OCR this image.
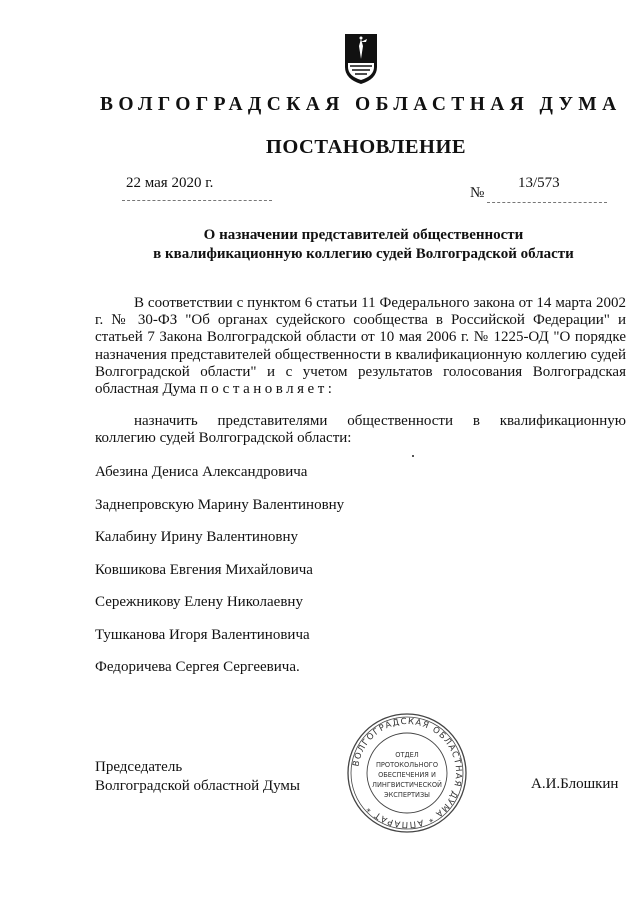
ВОЛГОГРАДСКАЯ ОБЛАСТНАЯ ДУМА
ПОСТАНОВЛЕНИЕ
22 мая 2020 г.
№
13/573
О назначении представителей общественности
в квалификационную коллегию судей Волгоградской области

В соответствии с пунктом 6 статьи 11 Федерального закона от 14 марта 2002 г. № 30-ФЗ "Об органах судейского сообщества в Российской Федерации" и статьей 7 Закона Волгоградской области от 10 мая 2006 г. № 1225-ОД "О порядке назначения представителей общественности в квалификационную коллегию судей Волгоградской области" и с учетом результатов голосования Волгоградская областная Дума постановляет:

назначить представителями общественности в квалификационную коллегию судей Волгоградской области:

Абезина Дениса Александровича
Заднепровскую Марину Валентиновну
Калабину Ирину Валентиновну
Ковшикова Евгения Михайловича
Сережникову Елену Николаевну
Тушканова Игоря Валентиновича
Федоричева Сергея Сергеевича.
Председатель
Волгоградской областной Думы	А.И.Блошкин
ВОЛГОГРАДСКАЯ ОБЛАСТНАЯ ДУМА * АППАРАТ *
ОТДЕЛ
ПРОТОКОЛЬНОГО
ОБЕСПЕЧЕНИЯ И
ЛИНГВИСТИЧЕСКОЙ
ЭКСПЕРТИЗЫ
